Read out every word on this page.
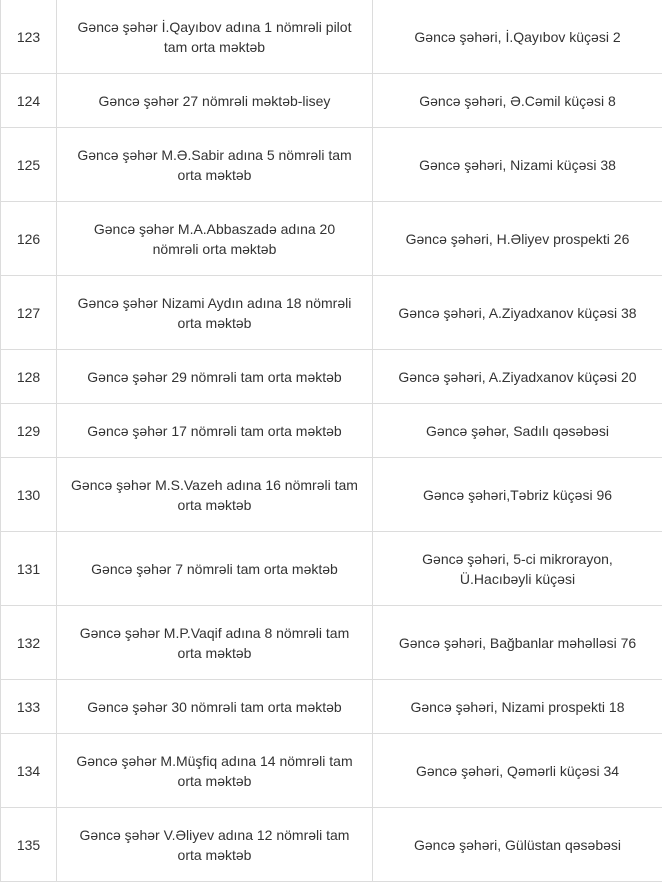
123	Gəncə şəhər İ.Qayıbov adına 1 nömrəli pilot tam orta məktəb	Gəncə şəhəri, İ.Qayıbov küçəsi 2
124	Gəncə şəhər 27 nömrəli məktəb-lisey	Gəncə şəhəri, Ə.Cəmil küçəsi 8
125	Gəncə şəhər M.Ə.Sabir adına 5 nömrəli tam orta məktəb	Gəncə şəhəri, Nizami küçəsi 38
126	Gəncə şəhər M.A.Abbaszadə adına 20 nömrəli orta məktəb	Gəncə şəhəri, H.Əliyev prospekti 26
127	Gəncə şəhər Nizami Aydın adına 18 nömrəli orta məktəb	Gəncə şəhəri, A.Ziyadxanov küçəsi 38
128	Gəncə şəhər 29 nömrəli tam orta məktəb	Gəncə şəhəri, A.Ziyadxanov küçəsi 20
129	Gəncə şəhər 17 nömrəli tam orta məktəb	Gəncə şəhər, Sadılı qəsəbəsi
130	Gəncə şəhər M.S.Vazeh adına 16 nömrəli tam orta məktəb	Gəncə şəhəri,Təbriz küçəsi 96
131	Gəncə şəhər 7 nömrəli tam orta məktəb	Gəncə şəhəri, 5-ci mikrorayon, Ü.Hacıbəyli küçəsi
132	Gəncə şəhər M.P.Vaqif adına 8 nömrəli tam orta məktəb	Gəncə şəhəri, Bağbanlar məhəlləsi 76
133	Gəncə şəhər 30 nömrəli tam orta məktəb	Gəncə şəhəri, Nizami prospekti 18
134	Gəncə şəhər M.Müşfiq adına 14 nömrəli tam orta məktəb	Gəncə şəhəri, Qəmərli küçəsi 34
135	Gəncə şəhər V.Əliyev adına 12 nömrəli tam orta məktəb	Gəncə şəhəri, Gülüstan qəsəbəsi
